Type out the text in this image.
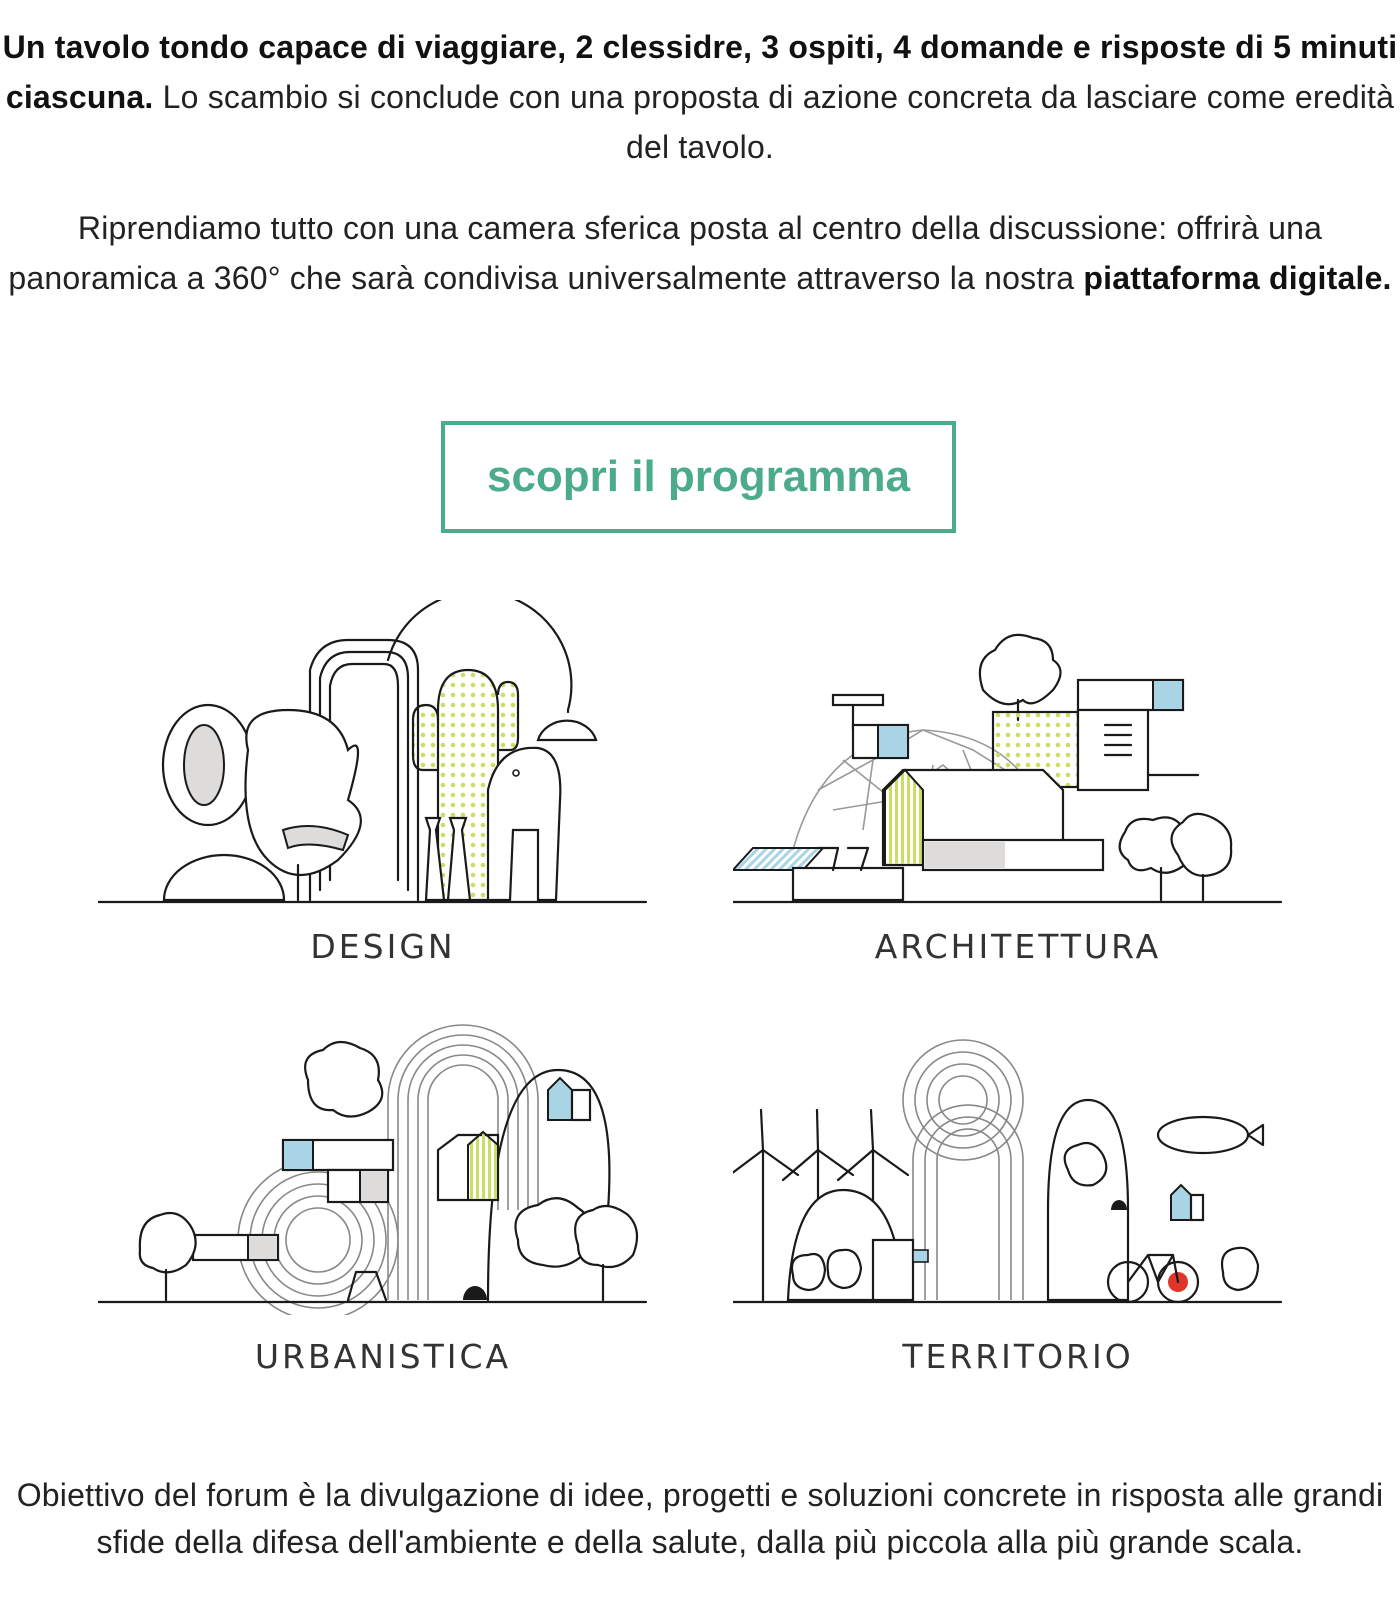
Un tavolo tondo capace di viaggiare, 2 clessidre, 3 ospiti, 4 domande e risposte di 5 minuti ciascuna. Lo scambio si conclude con una proposta di azione concreta da lasciare come eredità del tavolo.

Riprendiamo tutto con una camera sferica posta al centro della discussione: offrirà una panoramica a 360° che sarà condivisa universalmente attraverso la nostra piattaforma digitale.

scopri il programma
DESIGN	ARCHITETTURA
URBANISTICA	TERRITORIO

Obiettivo del forum è la divulgazione di idee, progetti e soluzioni concrete in risposta alle grandi sfide della difesa dell'ambiente e della salute, dalla più piccola alla più grande scala.
